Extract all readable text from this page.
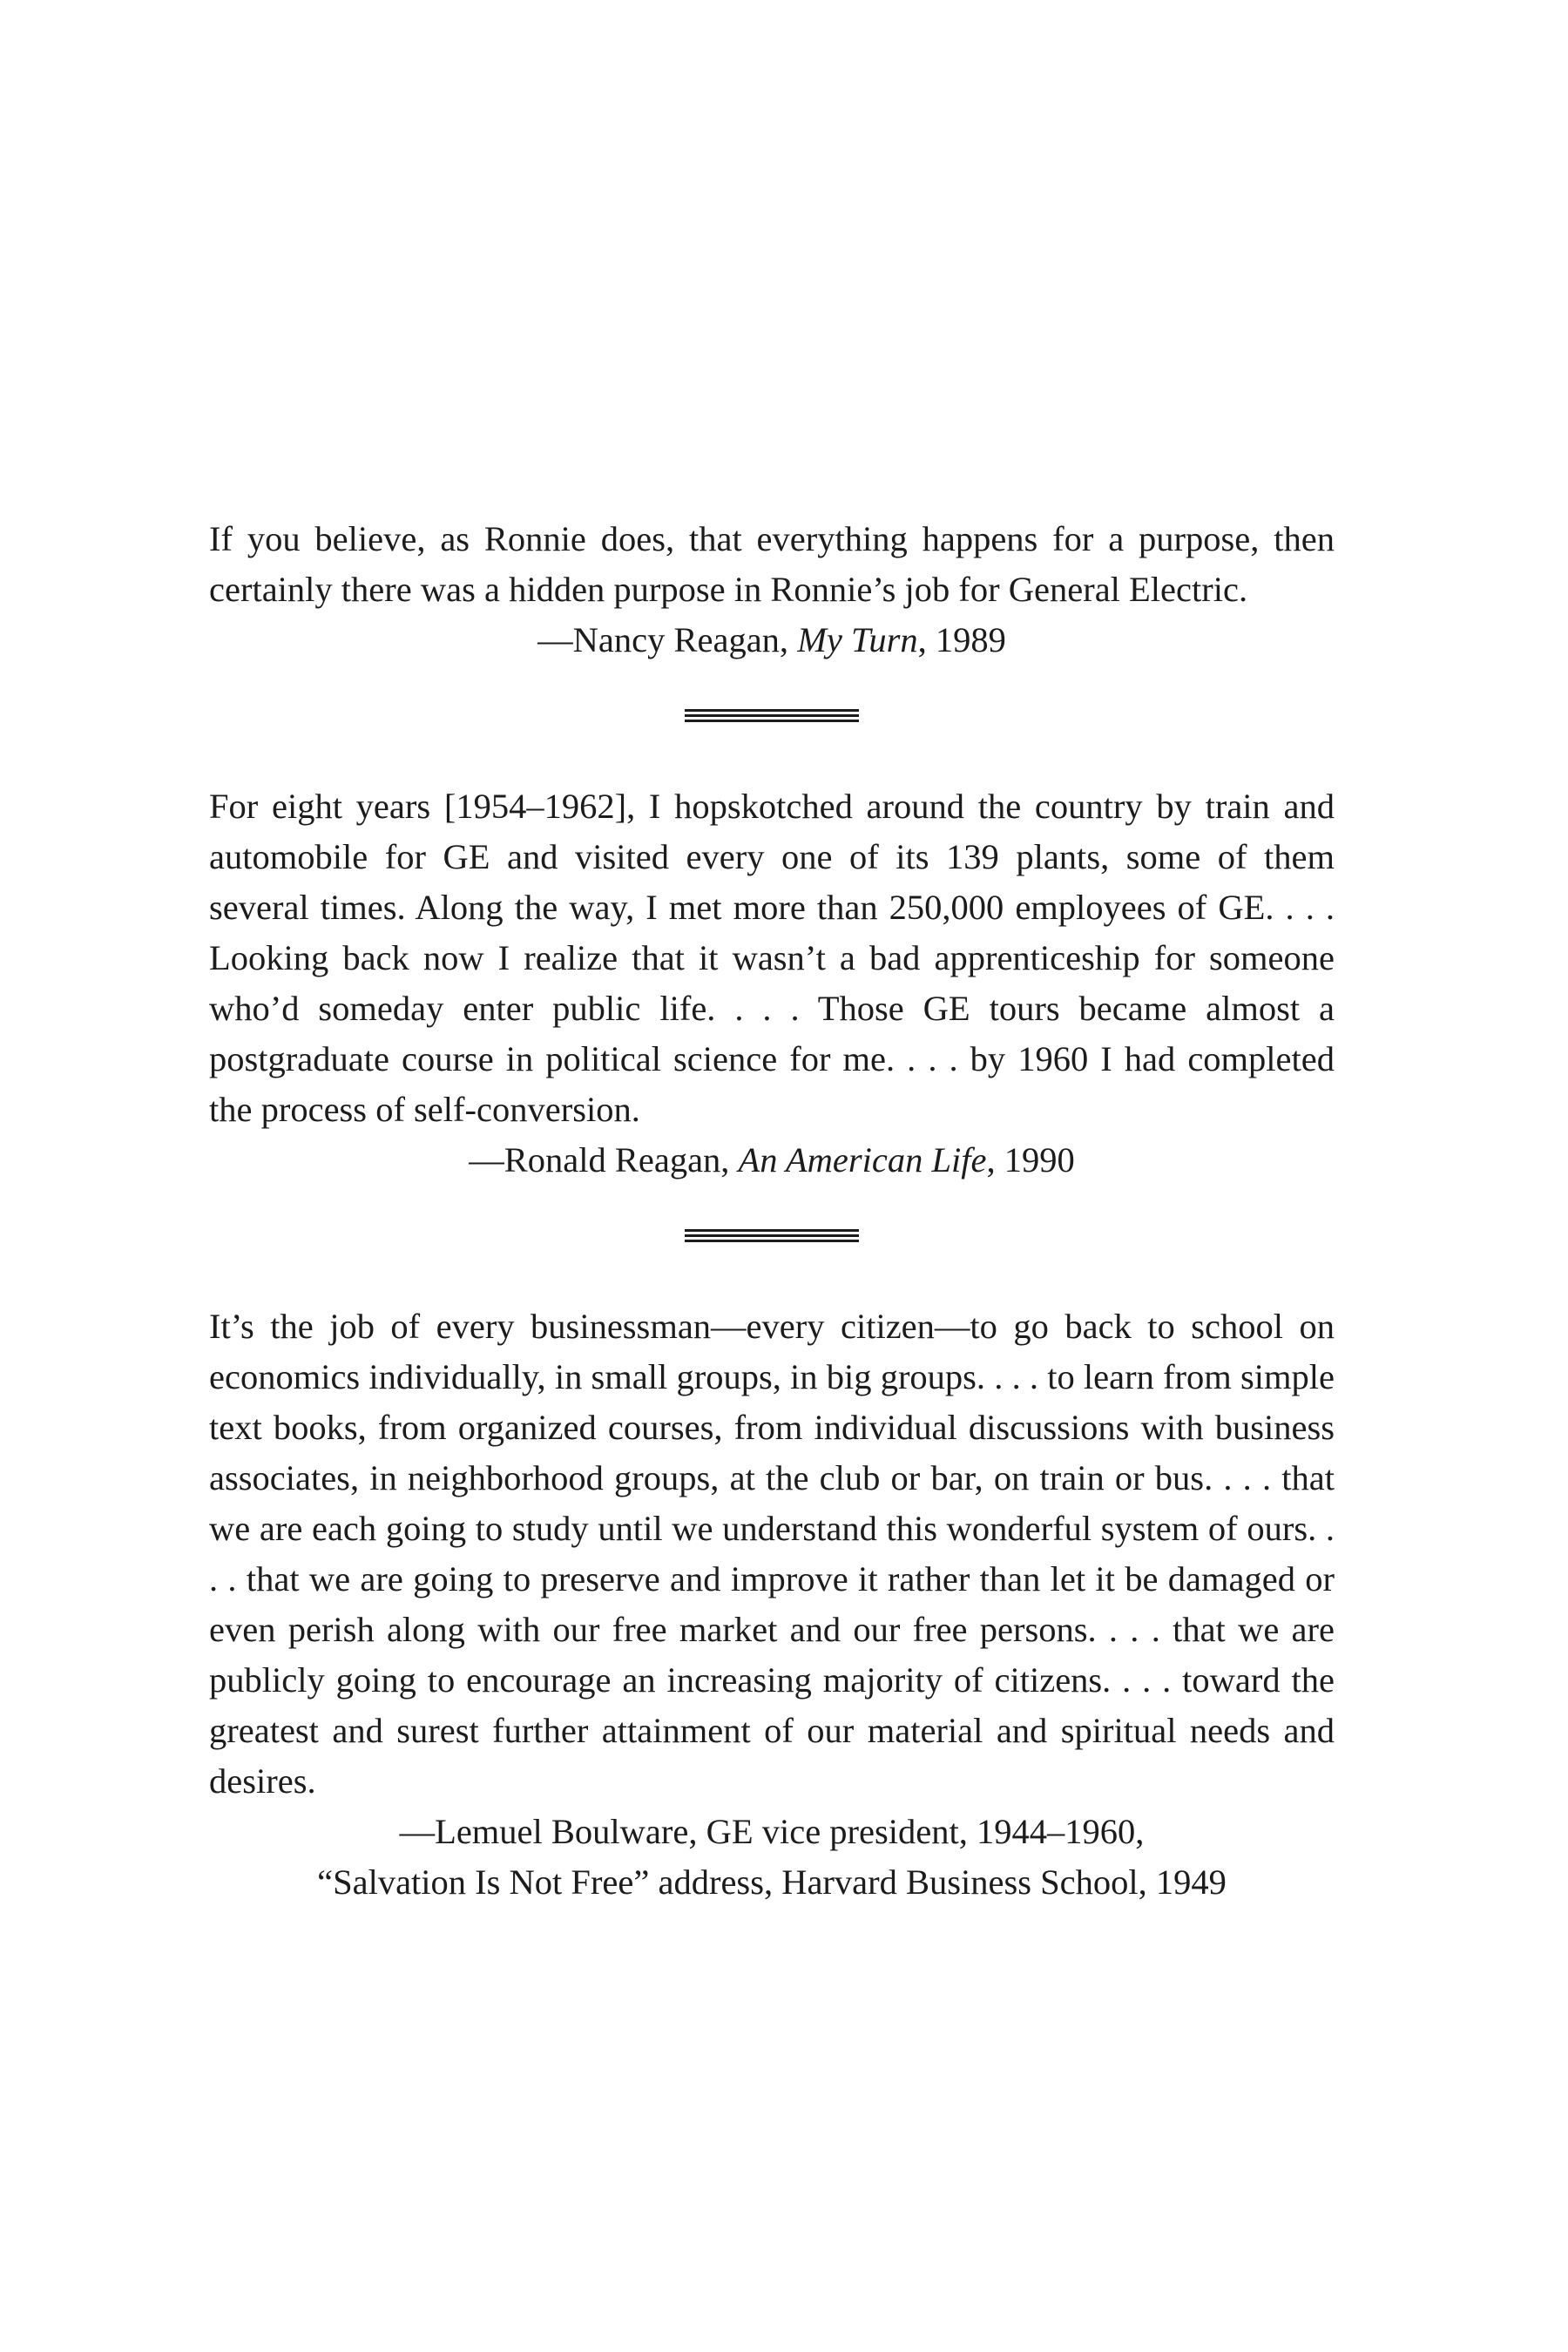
If you believe, as Ronnie does, that everything happens for a purpose, then certainly there was a hidden purpose in Ronnie’s job for General Electric.

—Nancy Reagan, My Turn, 1989

For eight years [1954–1962], I hopskotched around the country by train and automobile for GE and visited every one of its 139 plants, some of them several times. Along the way, I met more than 250,000 employees of GE. . . . Looking back now I realize that it wasn’t a bad apprenticeship for someone who’d someday enter public life. . . . Those GE tours became almost a postgraduate course in political science for me. . . . by 1960 I had completed the process of self-conversion.

—Ronald Reagan, An American Life, 1990

It’s the job of every businessman—every citizen—to go back to school on economics individually, in small groups, in big groups. . . . to learn from simple text books, from organized courses, from individual discussions with business associates, in neighborhood groups, at the club or bar, on train or bus. . . . that we are each going to study until we understand this wonderful system of ours. . . . that we are going to preserve and improve it rather than let it be damaged or even perish along with our free market and our free persons. . . . that we are publicly going to encourage an increasing majority of citizens. . . . toward the greatest and surest further attainment of our material and spiritual needs and desires.

—Lemuel Boulware, GE vice president, 1944–1960,
“Salvation Is Not Free” address, Harvard Business School, 1949
